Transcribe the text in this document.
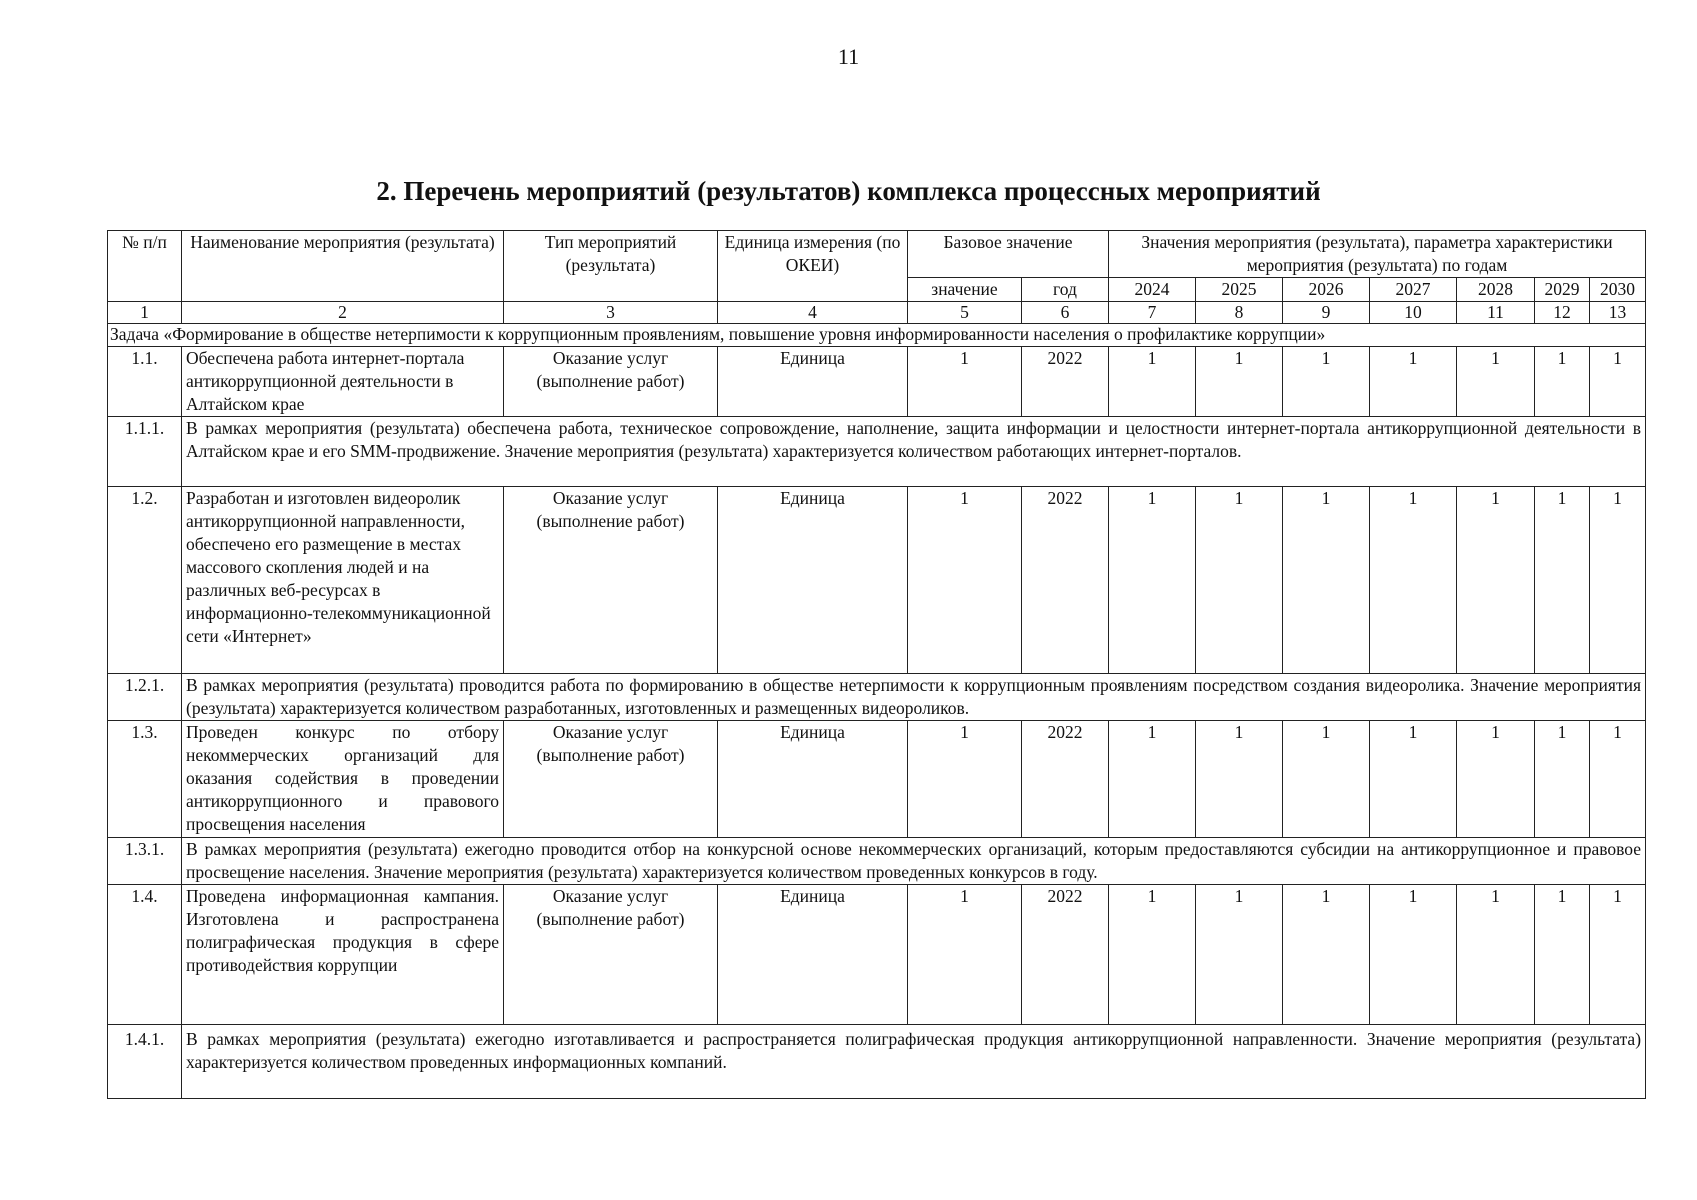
11
2. Перечень мероприятий (результатов) комплекса процессных мероприятий
№ п/п	Наименование мероприятия (результата)	Тип мероприятий (результата)	Единица измерения (по ОКЕИ)	Базовое значение		Значения мероприятия (результата), параметра характеристики мероприятия (результата) по годам						
				значение	год	2024	2025	2026	2027	2028	2029	2030
1	2	3	4	5	6	7	8	9	10	11	12	13
Задача «Формирование в обществе нетерпимости к коррупционным проявлениям, повышение уровня информированности населения о профилактике коррупции»												
1.1.	Обеспечена работа интернет-портала антикоррупционной деятельности в Алтайском крае	Оказание услуг (выполнение работ)	Единица	1	2022	1	1	1	1	1	1	1
1.1.1.	В рамках мероприятия (результата) обеспечена работа, техническое сопровождение, наполнение, защита информации и целостности интернет-портала антикоррупционной деятельности в Алтайском крае и его SMM-продвижение. Значение мероприятия (результата) характеризуется количеством работающих интернет-порталов.											
1.2.	Разработан и изготовлен видеоролик антикоррупционной направленности, обеспечено его размещение в местах массового скопления людей и на различных веб-ресурсах в информационно-телекоммуникационной сети «Интернет»	Оказание услуг (выполнение работ)	Единица	1	2022	1	1	1	1	1	1	1
1.2.1.	В рамках мероприятия (результата) проводится работа по формированию в обществе нетерпимости к коррупционным проявлениям посредством создания видеоролика. Значение мероприятия (результата) характеризуется количеством разработанных, изготовленных и размещенных видеороликов.											
1.3.	Проведен конкурс по отбору некоммерческих организаций для оказания содействия в проведении антикоррупционного и правового просвещения населения	Оказание услуг (выполнение работ)	Единица	1	2022	1	1	1	1	1	1	1
1.3.1.	В рамках мероприятия (результата) ежегодно проводится отбор на конкурсной основе некоммерческих организаций, которым предоставляются субсидии на антикоррупционное и правовое просвещение населения. Значение мероприятия (результата) характеризуется количеством проведенных конкурсов в году.											
1.4.	Проведена информационная кампания. Изготовлена и распространена полиграфическая продукция в сфере противодействия коррупции	Оказание услуг (выполнение работ)	Единица	1	2022	1	1	1	1	1	1	1
1.4.1.	В рамках мероприятия (результата) ежегодно изготавливается и распространяется полиграфическая продукция антикоррупционной направленности. Значение мероприятия (результата) характеризуется количеством проведенных информационных компаний.											
